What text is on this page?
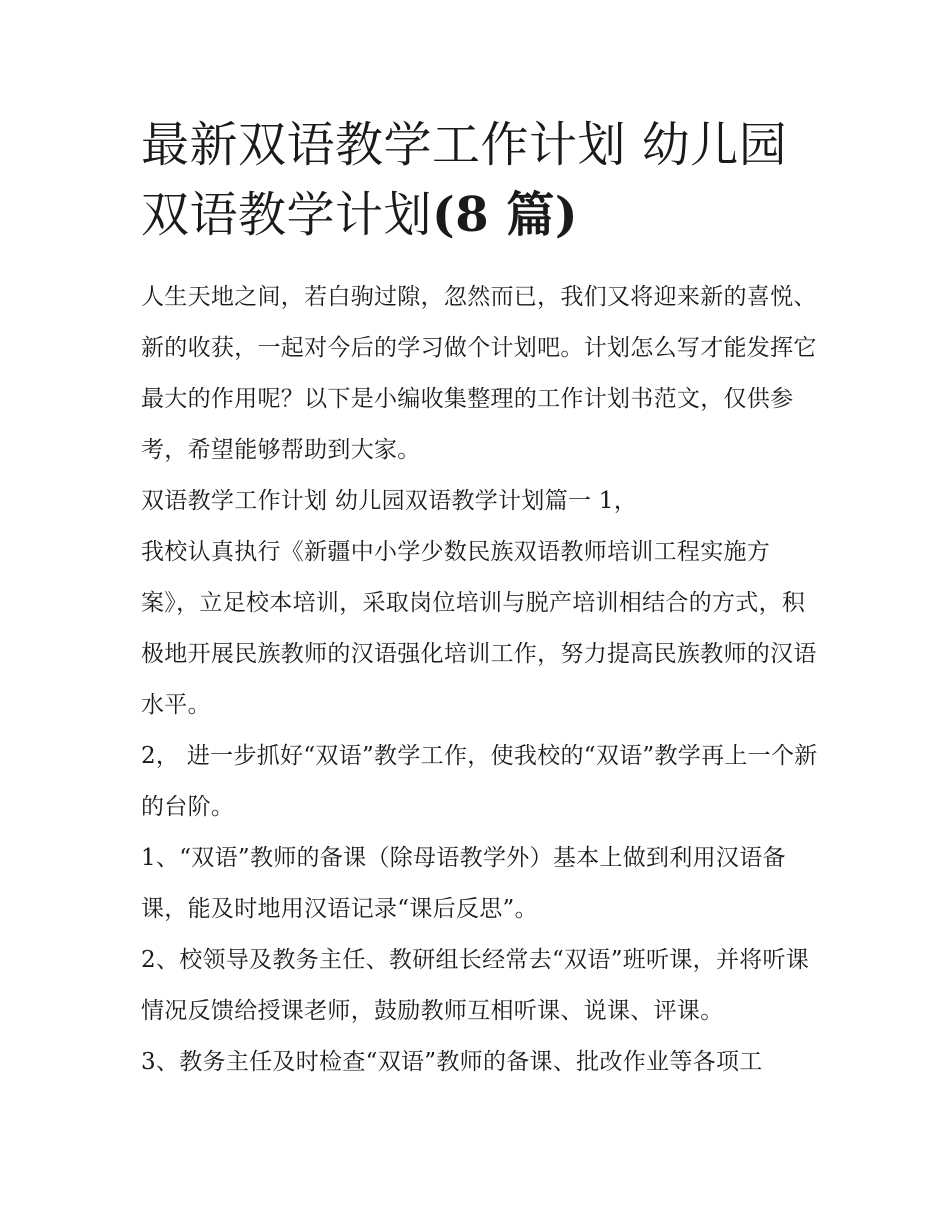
最新双语教学工作计划 幼儿园双语教学计划(8 篇)

人生天地之间，若白驹过隙，忽然而已，我们又将迎来新的喜悦、新的收获，一起对今后的学习做个计划吧。计划怎么写才能发挥它最大的作用呢？以下是小编收集整理的工作计划书范文，仅供参考，希望能够帮助到大家。

双语教学工作计划 幼儿园双语教学计划篇一 1，

我校认真执行《新疆中小学少数民族双语教师培训工程实施方案》，立足校本培训，采取岗位培训与脱产培训相结合的方式，积极地开展民族教师的汉语强化培训工作，努力提高民族教师的汉语水平。

2， 进一步抓好“双语”教学工作，使我校的“双语”教学再上一个新的台阶。

1、“双语”教师的备课（除母语教学外）基本上做到利用汉语备课，能及时地用汉语记录“课后反思”。

2、校领导及教务主任、教研组长经常去“双语”班听课，并将听课情况反馈给授课老师，鼓励教师互相听课、说课、评课。

3、教务主任及时检查“双语”教师的备课、批改作业等各项工
